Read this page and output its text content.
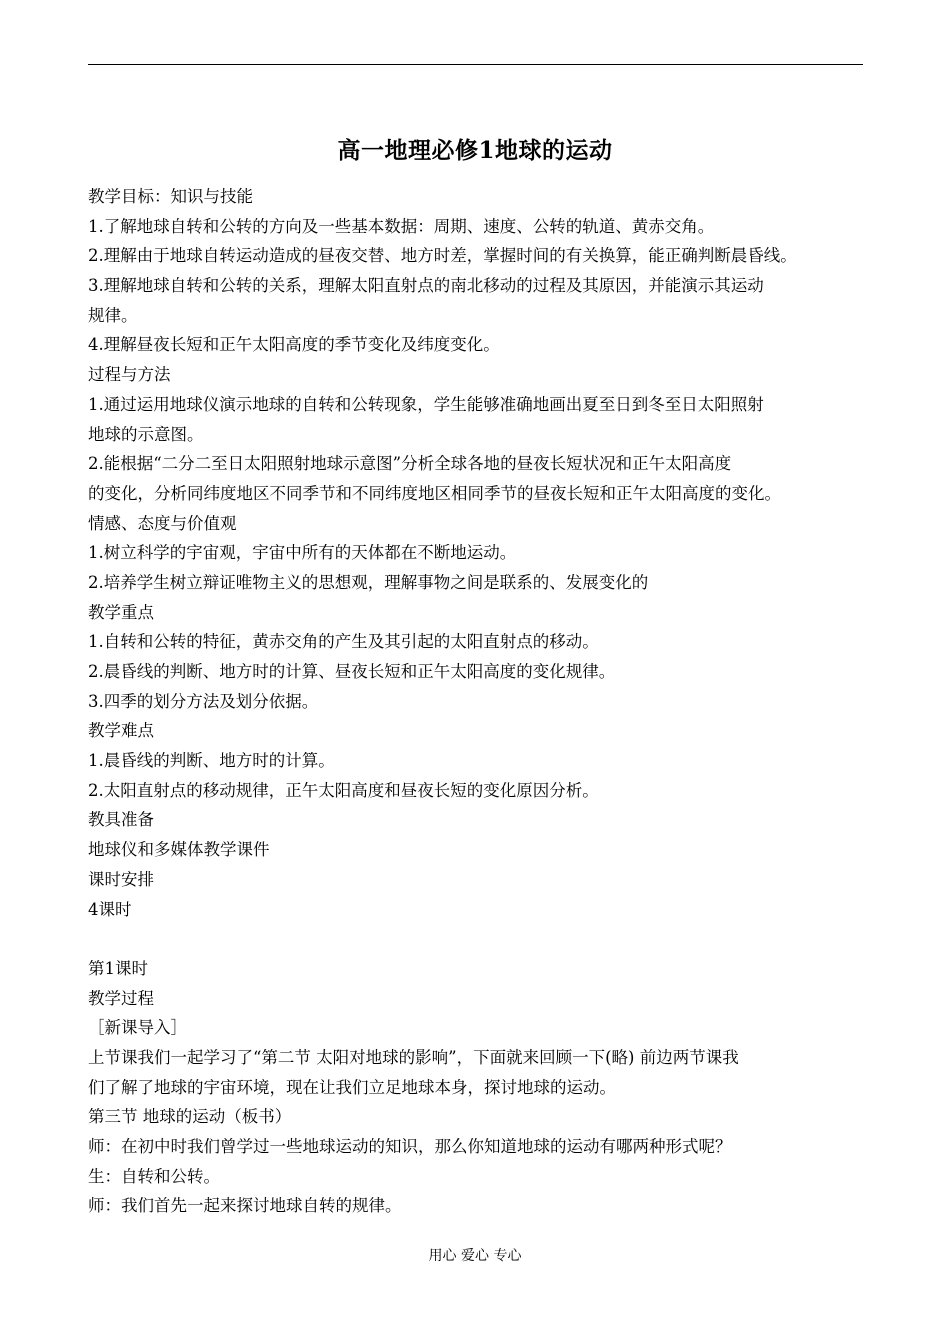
高一地理必修1地球的运动
教学目标：知识与技能
1.了解地球自转和公转的方向及一些基本数据：周期、速度、公转的轨道、黄赤交角。
2.理解由于地球自转运动造成的昼夜交替、地方时差，掌握时间的有关换算，能正确判断晨昏线。
3.理解地球自转和公转的关系，理解太阳直射点的南北移动的过程及其原因，并能演示其运动
规律。
4.理解昼夜长短和正午太阳高度的季节变化及纬度变化。
过程与方法
1.通过运用地球仪演示地球的自转和公转现象，学生能够准确地画出夏至日到冬至日太阳照射
地球的示意图。
2.能根据“二分二至日太阳照射地球示意图”分析全球各地的昼夜长短状况和正午太阳高度
的变化，分析同纬度地区不同季节和不同纬度地区相同季节的昼夜长短和正午太阳高度的变化。
情感、态度与价值观
1.树立科学的宇宙观，宇宙中所有的天体都在不断地运动。
2.培养学生树立辩证唯物主义的思想观，理解事物之间是联系的、发展变化的
教学重点
1.自转和公转的特征，黄赤交角的产生及其引起的太阳直射点的移动。
2.晨昏线的判断、地方时的计算、昼夜长短和正午太阳高度的变化规律。
3.四季的划分方法及划分依据。
教学难点
1.晨昏线的判断、地方时的计算。
2.太阳直射点的移动规律，正午太阳高度和昼夜长短的变化原因分析。
教具准备
地球仪和多媒体教学课件
课时安排
4课时
第1课时
教学过程
［新课导入］
上节课我们一起学习了“第二节 太阳对地球的影响”，下面就来回顾一下(略) 前边两节课我
们了解了地球的宇宙环境，现在让我们立足地球本身，探讨地球的运动。
第三节 地球的运动（板书）
师：在初中时我们曾学过一些地球运动的知识，那么你知道地球的运动有哪两种形式呢？
生：自转和公转。
师：我们首先一起来探讨地球自转的规律。
用心 爱心 专心
